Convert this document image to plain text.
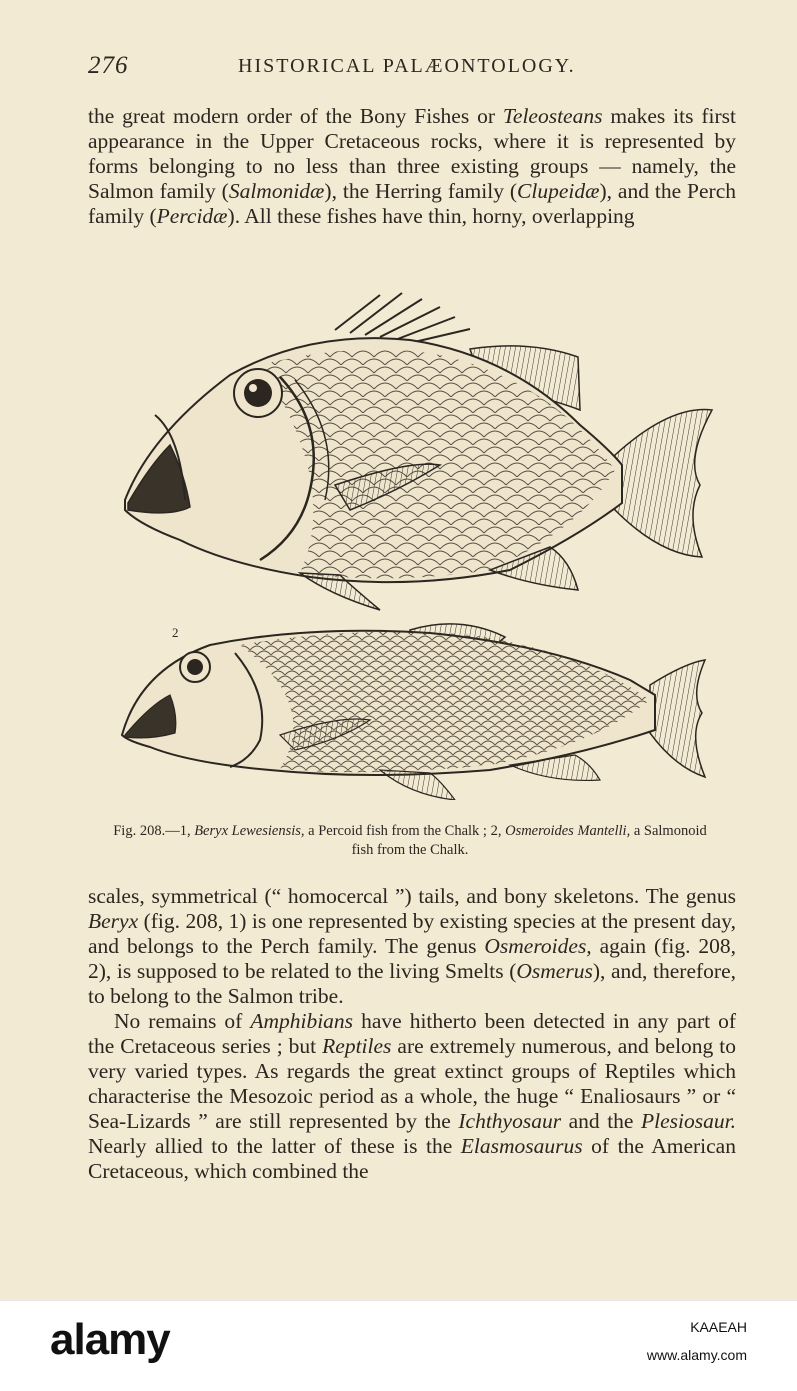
276	HISTORICAL PALÆONTOLOGY.

the great modern order of the Bony Fishes or Teleosteans makes its first appearance in the Upper Cretaceous rocks, where it is represented by forms belonging to no less than three existing groups — namely, the Salmon family (Salmonidæ), the Herring family (Clupeidæ), and the Perch family (Percidæ). All these fishes have thin, horny, overlapping

2
Fig. 208.—1, Beryx Lewesiensis, a Percoid fish from the Chalk ; 2, Osmeroides Mantelli, a Salmonoid fish from the Chalk.
scales, symmetrical (“ homocercal ”) tails, and bony skeletons. The genus Beryx (fig. 208, 1) is one represented by existing species at the present day, and belongs to the Perch family. The genus Osmeroides, again (fig. 208, 2), is supposed to be related to the living Smelts (Osmerus), and, therefore, to belong to the Salmon tribe.
No remains of Amphibians have hitherto been detected in any part of the Cretaceous series ; but Reptiles are extremely numerous, and belong to very varied types. As regards the great extinct groups of Reptiles which characterise the Mesozoic period as a whole, the huge “ Enaliosaurs ” or “ Sea-Lizards ” are still represented by the Ichthyosaur and the Plesiosaur. Nearly allied to the latter of these is the Elasmosaurus of the American Cretaceous, which combined the
alamy	KAAEAH
www.alamy.com
